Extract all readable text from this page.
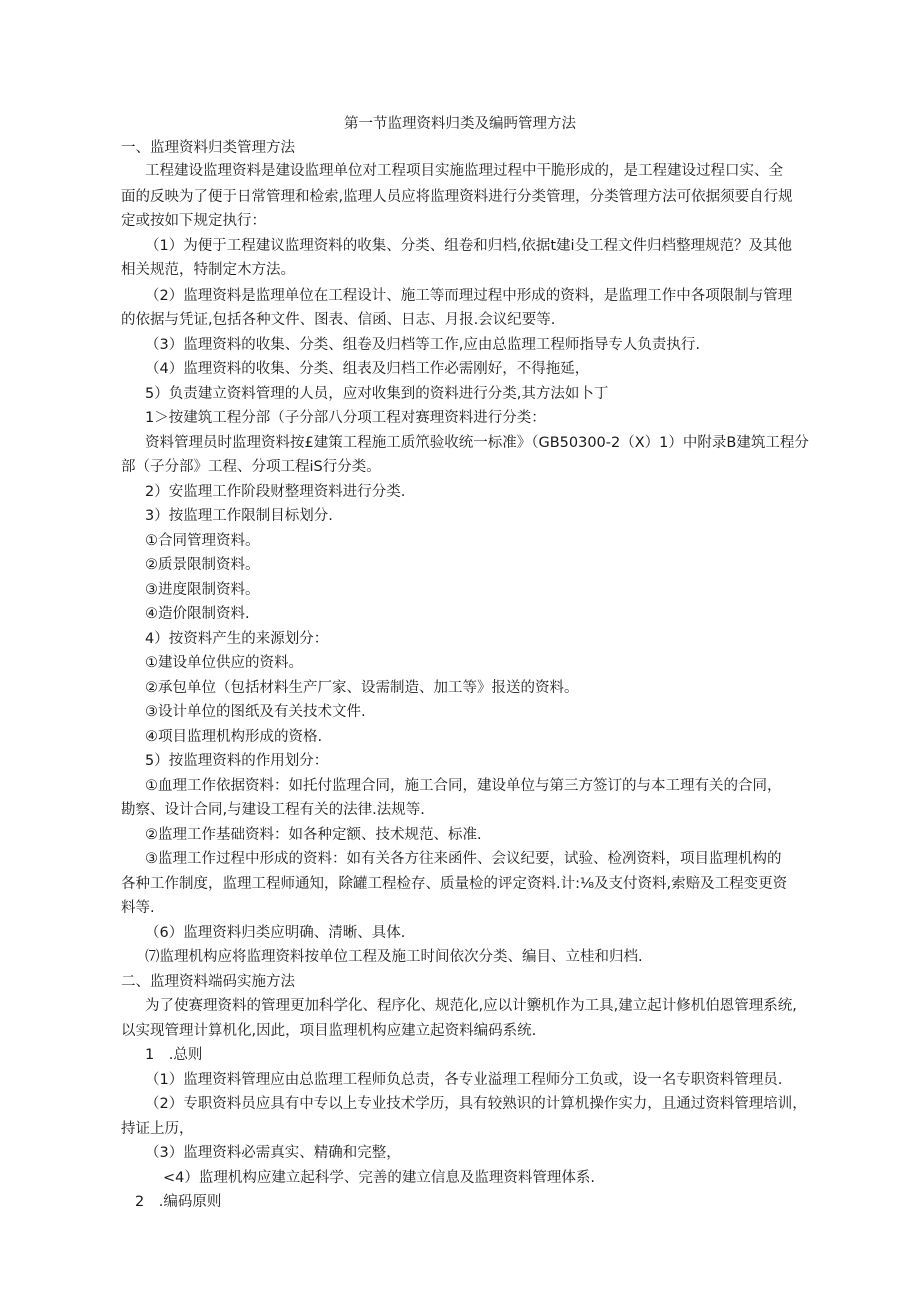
第一节监理资料归类及编眄管理方法
一、监理资料归类管理方法
工程建设监理资料是建设监理单位对工程项目实施监理过程中干脆形成的，是工程建设过程口实、全
面的反映为了便于日常管理和检索,监理人员应将监理资料进行分类管理，分类管理方法可依据须要自行规
定或按如下规定执行：
（1）为便于工程建议监理资料的收集、分类、组卷和归档,依据t建i殳工程文件归档整理规范？及其他
相关规范，特制定木方法。
（2）监理资料是监理单位在工程设计、施工等而理过程中形成的资料，是监理工作中各项限制与管理
的依据与凭证,包括各种文件、图表、信函、日志、月报.会议纪要等.
（3）监理资料的收集、分类、组卷及归档等工作,应由总监理工程师指导专人负责执行.
（4）监理资料的收集、分类、组表及归档工作必需刚好，不得拖延，
5）负责建立资料管理的人员，应对收集到的资料进行分类,其方法如卜丁
1＞按建筑工程分部（子分部八分项工程对赛理资料进行分类：
资料管理员时监理资料按£建策工程施工质笊验收统一标准》（GB50300-2（X）1）中附录B建筑工程分
部（子分部》工程、分项工程iS行分类。
2）安监理工作阶段财整理资料进行分类.
3）按监理工作限制目标划分.
①合同管理资料。
②质景限制资料。
③进度限制资料。
④造价限制资料.
4）按资料产生的来源划分：
①建设单位供应的资料。
②承包单位（包括材料生产厂家、设需制造、加工等》报送的资料。
③设计单位的图纸及有关技术文件.
④项目监理机构形成的资格.
5）按监理资料的作用划分：
①血理工作依据资料：如托付监理合同，施工合同，建设单位与第三方签订的与本工理有关的合同，
勘察、设计合同,与建设工程有关的法律.法规等.
②监理工作基础资料：如各种定额、技术规范、标准.
③监理工作过程中形成的资料：如有关各方往来函件、会议纪要，试验、检冽资料，项目监理机构的
各种工作制度，监理工程师通知，除罐工程检存、质量检的评定资料.计:⅛及支付资料,索赔及工程变更资
料等.
（6）监理资料归类应明确、清晰、具体.
⑺监理机构应将监理资料按单位工程及施工时间依次分类、编目、立桂和归档.
二、监理资料端码实施方法
为了使赛理资料的管理更加科学化、程序化、规范化,应以计籞机作为工具,建立起计修机伯恩管理系统,
以实现管理计算机化,因此，项目监理机构应建立起资料编码系统.
1　.总则
（1）监理资料管理应由总监理工程师负总责，各专业溢理工程师分工负或，设一名专职资料管理员.
（2）专职资料员应具有中专以上专业技术学历，具有较熟识的计算机操作实力，且通过资料管理培训，
持证上历，
（3）监理资料必需真实、精确和完整，
<4）监理机构应建立起科学、完善的建立信息及监理资料管理体系.
2　.编码原则
